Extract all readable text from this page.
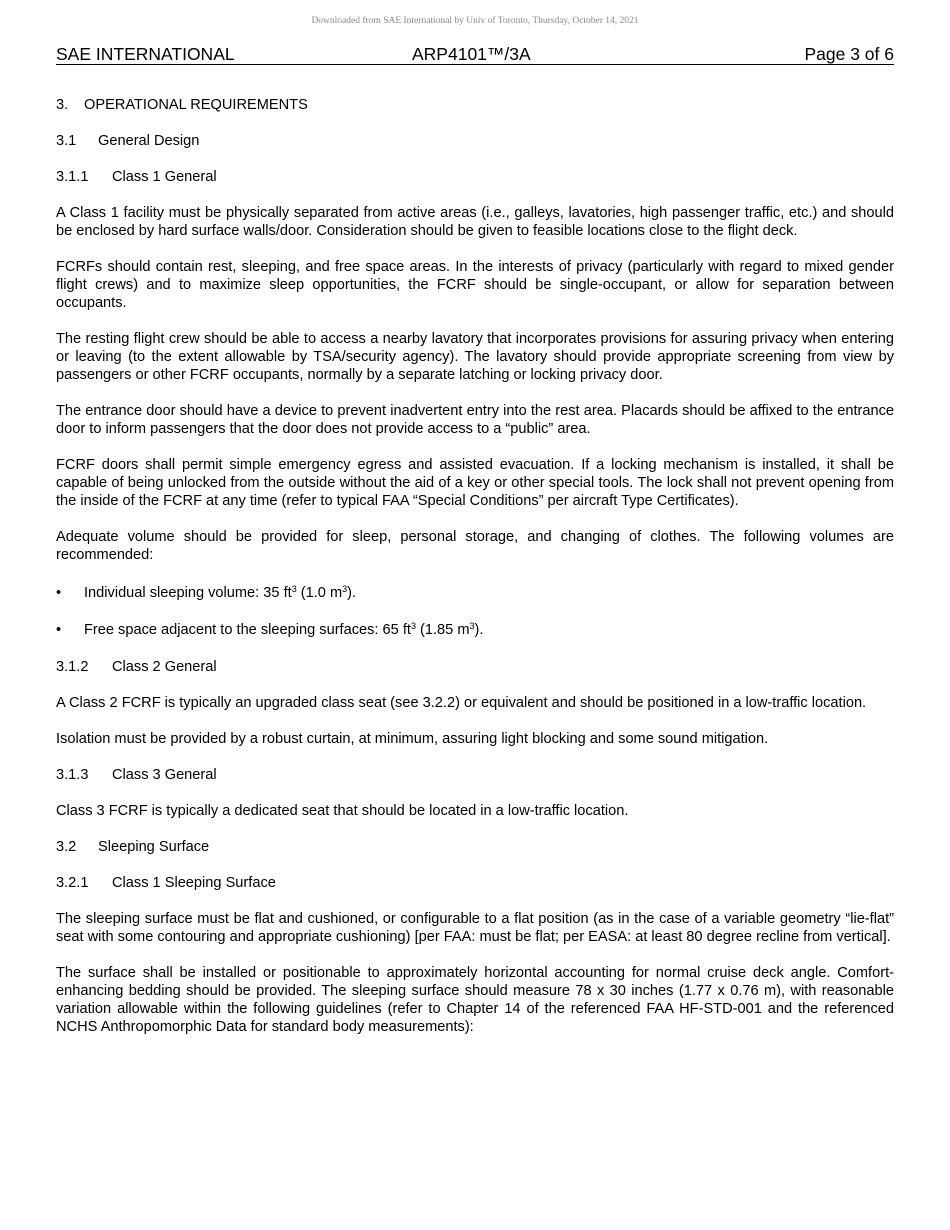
Downloaded from SAE International by Univ of Toronto, Thursday, October 14, 2021
SAE INTERNATIONAL	ARP4101™/3A	Page 3 of 6
3. OPERATIONAL REQUIREMENTS
3.1 General Design
3.1.1 Class 1 General

A Class 1 facility must be physically separated from active areas (i.e., galleys, lavatories, high passenger traffic, etc.) and should be enclosed by hard surface walls/door. Consideration should be given to feasible locations close to the flight deck.

FCRFs should contain rest, sleeping, and free space areas. In the interests of privacy (particularly with regard to mixed gender flight crews) and to maximize sleep opportunities, the FCRF should be single-occupant, or allow for separation between occupants.

The resting flight crew should be able to access a nearby lavatory that incorporates provisions for assuring privacy when entering or leaving (to the extent allowable by TSA/security agency). The lavatory should provide appropriate screening from view by passengers or other FCRF occupants, normally by a separate latching or locking privacy door.

The entrance door should have a device to prevent inadvertent entry into the rest area. Placards should be affixed to the entrance door to inform passengers that the door does not provide access to a “public” area.

FCRF doors shall permit simple emergency egress and assisted evacuation. If a locking mechanism is installed, it shall be capable of being unlocked from the outside without the aid of a key or other special tools. The lock shall not prevent opening from the inside of the FCRF at any time (refer to typical FAA “Special Conditions” per aircraft Type Certificates).

Adequate volume should be provided for sleep, personal storage, and changing of clothes. The following volumes are recommended:

• Individual sleeping volume: 35 $ft^3$ (1.0 $m^3$).
• Free space adjacent to the sleeping surfaces: 65 $ft^3$ (1.85 $m^3$).
3.1.2 Class 2 General

A Class 2 FCRF is typically an upgraded class seat (see 3.2.2) or equivalent and should be positioned in a low-traffic location.

Isolation must be provided by a robust curtain, at minimum, assuring light blocking and some sound mitigation.

3.1.3 Class 3 General

Class 3 FCRF is typically a dedicated seat that should be located in a low-traffic location.

3.2 Sleeping Surface
3.2.1 Class 1 Sleeping Surface

The sleeping surface must be flat and cushioned, or configurable to a flat position (as in the case of a variable geometry “lie-flat” seat with some contouring and appropriate cushioning) [per FAA: must be flat; per EASA: at least 80 degree recline from vertical].

The surface shall be installed or positionable to approximately horizontal accounting for normal cruise deck angle. Comfort-enhancing bedding should be provided. The sleeping surface should measure 78 x 30 inches (1.77 x 0.76 m), with reasonable variation allowable within the following guidelines (refer to Chapter 14 of the referenced FAA HF-STD-001 and the referenced NCHS Anthropomorphic Data for standard body measurements):
